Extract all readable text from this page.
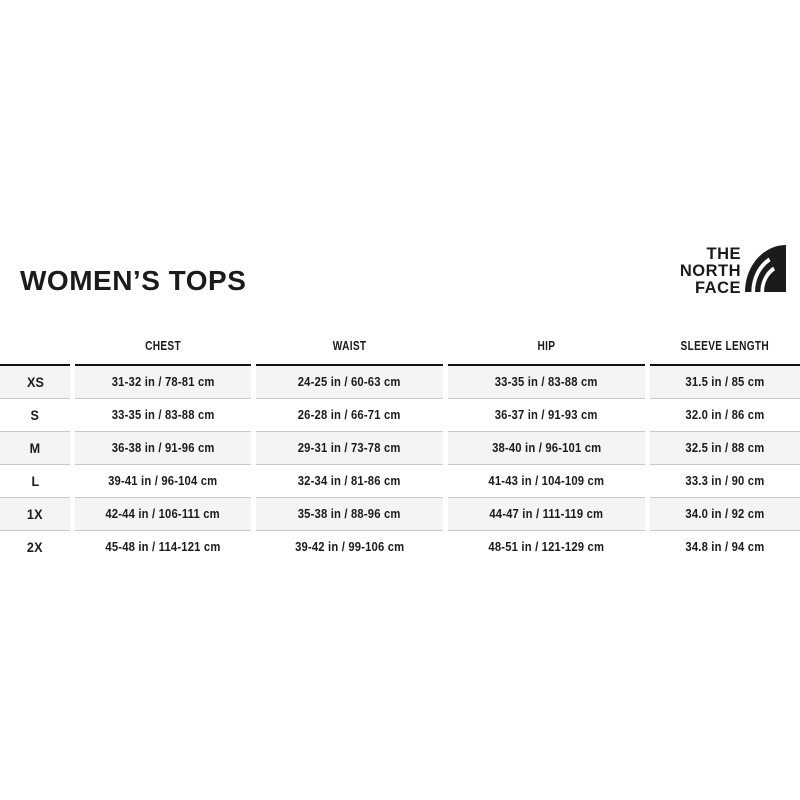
WOMEN’S TOPS
THE
NORTH
FACE
	CHEST	WAIST	HIP	SLEEVE LENGTH
XS	31-32 in / 78-81 cm	24-25 in / 60-63 cm	33-35 in / 83-88 cm	31.5 in / 85 cm
S	33-35 in / 83-88 cm	26-28 in / 66-71 cm	36-37 in / 91-93 cm	32.0 in / 86 cm
M	36-38 in / 91-96 cm	29-31 in / 73-78 cm	38-40 in / 96-101 cm	32.5 in / 88 cm
L	39-41 in / 96-104 cm	32-34 in / 81-86 cm	41-43 in / 104-109 cm	33.3 in / 90 cm
1X	42-44 in / 106-111 cm	35-38 in / 88-96 cm	44-47 in / 111-119 cm	34.0 in / 92 cm
2X	45-48 in / 114-121 cm	39-42 in / 99-106 cm	48-51 in / 121-129 cm	34.8 in / 94 cm
